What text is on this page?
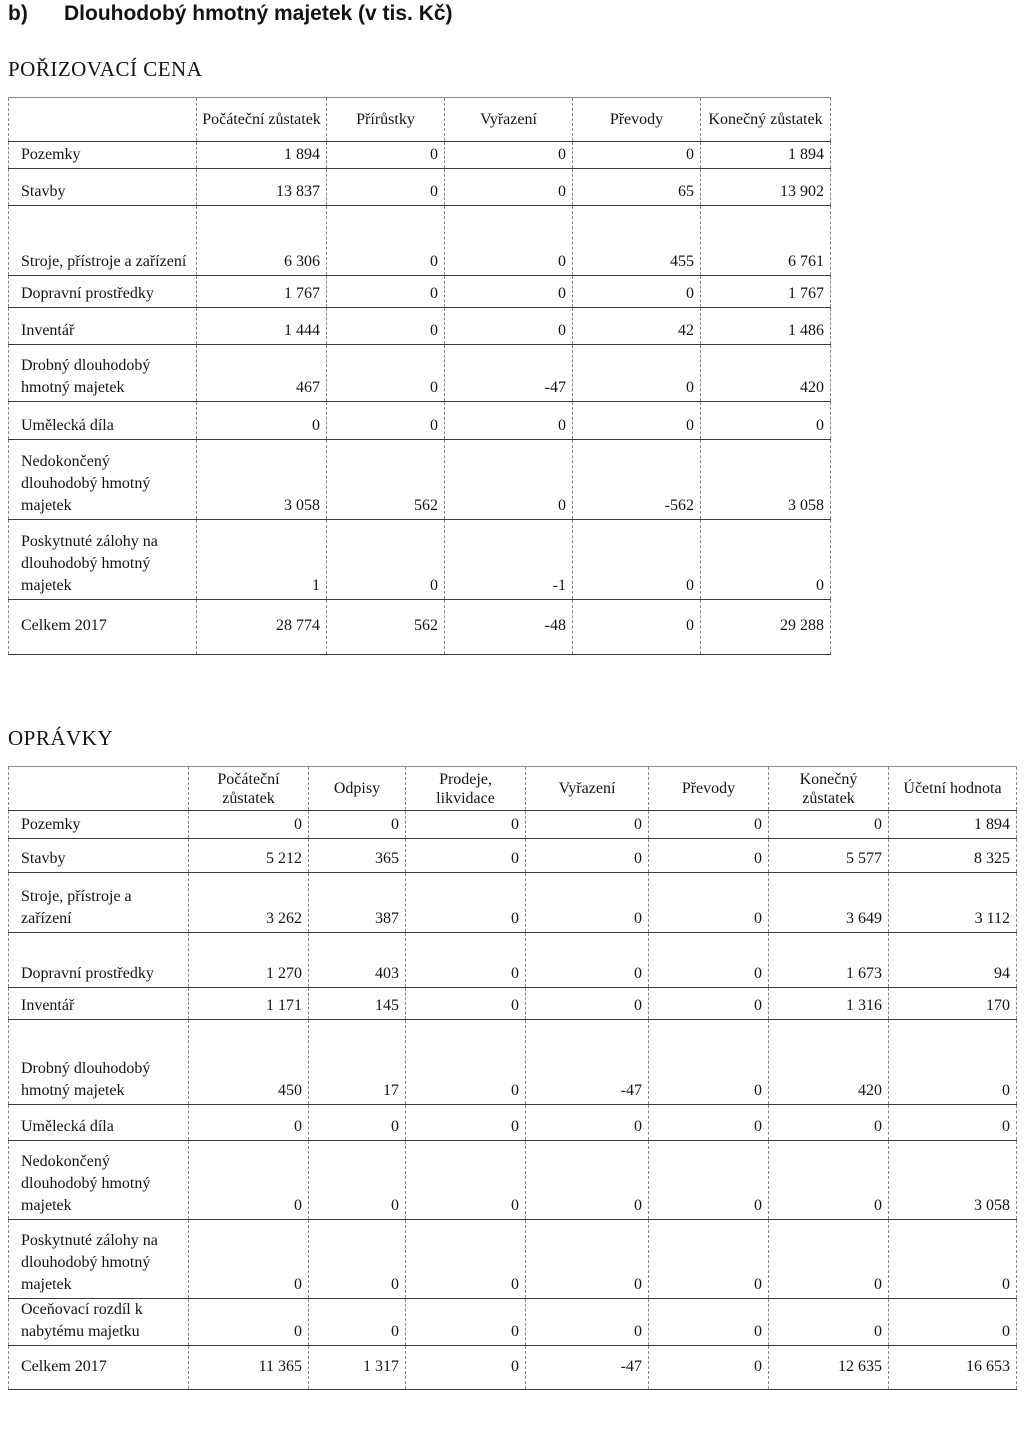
b) Dlouhodobý hmotný majetek (v tis. Kč)
POŘIZOVACÍ CENA
	Počáteční zůstatek	Přírůstky	Vyřazení	Převody	Konečný zůstatek
Pozemky	1 894	0	0	0	1 894
Stavby	13 837	0	0	65	13 902
Stroje, přístroje a zařízení	6 306	0	0	455	6 761
Dopravní prostředky	1 767	0	0	0	1 767
Inventář	1 444	0	0	42	1 486
Drobný dlouhodobý hmotný majetek	467	0	-47	0	420
Umělecká díla	0	0	0	0	0
Nedokončený dlouhodobý hmotný majetek	3 058	562	0	-562	3 058
Poskytnuté zálohy na dlouhodobý hmotný majetek	1	0	-1	0	0
Celkem 2017	28 774	562	-48	0	29 288
OPRÁVKY
	Počáteční zůstatek	Odpisy	Prodeje, likvidace	Vyřazení	Převody	Konečný zůstatek	Účetní hodnota
Pozemky	0	0	0	0	0	0	1 894
Stavby	5 212	365	0	0	0	5 577	8 325
Stroje, přístroje a zařízení	3 262	387	0	0	0	3 649	3 112
Dopravní prostředky	1 270	403	0	0	0	1 673	94
Inventář	1 171	145	0	0	0	1 316	170
Drobný dlouhodobý hmotný majetek	450	17	0	-47	0	420	0
Umělecká díla	0	0	0	0	0	0	0
Nedokončený dlouhodobý hmotný majetek	0	0	0	0	0	0	3 058
Poskytnuté zálohy na dlouhodobý hmotný majetek	0	0	0	0	0	0	0
Oceňovací rozdíl k nabytému majetku	0	0	0	0	0	0	0
Celkem 2017	11 365	1 317	0	-47	0	12 635	16 653
